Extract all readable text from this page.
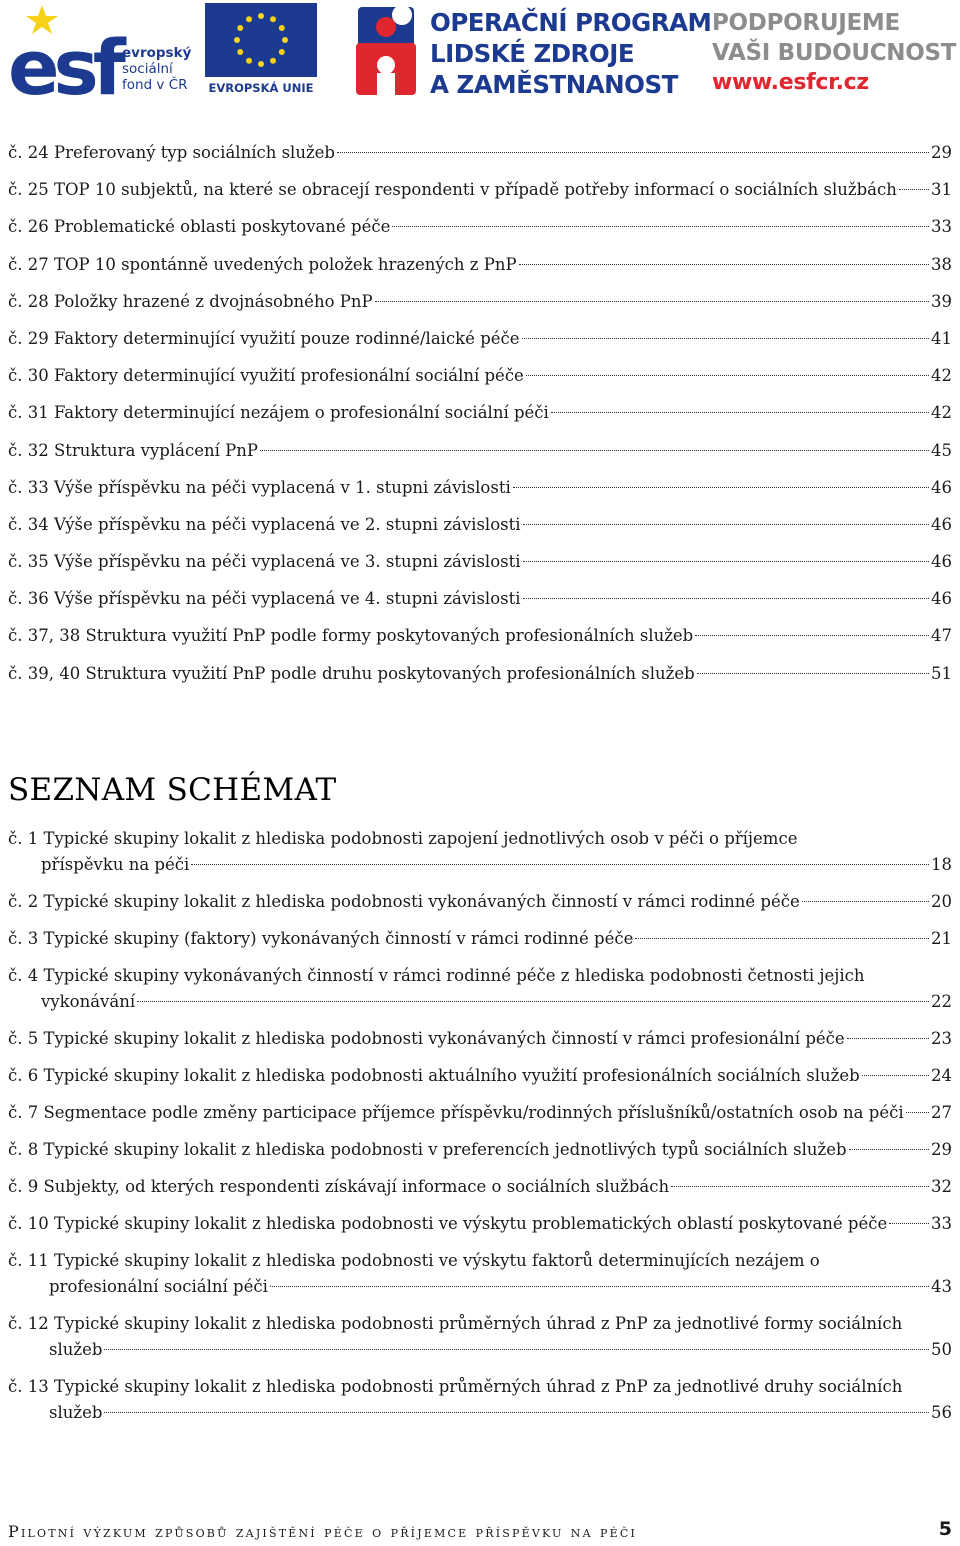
esf evropský
sociální
fond v ČR	EVROPSKÁ UNIE
OPERAČNÍ PROGRAM
LIDSKÉ ZDROJE
A ZAMĚSTNANOST
PODPORUJEME
VAŠI BUDOUCNOST
www.esfcr.cz
č. 24 Preferovaný typ sociálních služeb	29
č. 25 TOP 10 subjektů, na které se obracejí respondenti v případě potřeby informací o sociálních službách 31
č. 26 Problematické oblasti poskytované péče	33
č. 27 TOP 10 spontánně uvedených položek hrazených z PnP	38
č. 28 Položky hrazené z dvojnásobného PnP	39
č. 29 Faktory determinující využití pouze rodinné/laické péče	41
č. 30 Faktory determinující využití profesionální sociální péče	42
č. 31 Faktory determinující nezájem o profesionální sociální péči	42
č. 32 Struktura vyplácení PnP	45
č. 33 Výše příspěvku na péči vyplacená v 1. stupni závislosti	46
č. 34 Výše příspěvku na péči vyplacená ve 2. stupni závislosti	46
č. 35 Výše příspěvku na péči vyplacená ve 3. stupni závislosti	46
č. 36 Výše příspěvku na péči vyplacená ve 4. stupni závislosti	46
č. 37, 38 Struktura využití PnP podle formy poskytovaných profesionálních služeb	47
č. 39, 40 Struktura využití PnP podle druhu poskytovaných profesionálních služeb	51
SEZNAM SCHÉMAT
č. 1 Typické skupiny lokalit z hlediska podobnosti zapojení jednotlivých osob v péči o příjemce
příspěvku na péči	18
č. 2 Typické skupiny lokalit z hlediska podobnosti vykonávaných činností v rámci rodinné péče	20
č. 3 Typické skupiny (faktory) vykonávaných činností v rámci rodinné péče	21
č. 4 Typické skupiny vykonávaných činností v rámci rodinné péče z hlediska podobnosti četnosti jejich
vykonávání	22
č. 5 Typické skupiny lokalit z hlediska podobnosti vykonávaných činností v rámci profesionální péče	23
č. 6 Typické skupiny lokalit z hlediska podobnosti aktuálního využití profesionálních sociálních služeb	24
č. 7 Segmentace podle změny participace příjemce příspěvku/rodinných příslušníků/ostatních osob na péči 27
č. 8 Typické skupiny lokalit z hlediska podobnosti v preferencích jednotlivých typů sociálních služeb	29
č. 9 Subjekty, od kterých respondenti získávají informace o sociálních službách	32
č. 10 Typické skupiny lokalit z hlediska podobnosti ve výskytu problematických oblastí poskytované péče	33
č. 11 Typické skupiny lokalit z hlediska podobnosti ve výskytu faktorů determinujících nezájem o
profesionální sociální péči	43
č. 12 Typické skupiny lokalit z hlediska podobnosti průměrných úhrad z PnP za jednotlivé formy sociálních
služeb	50
č. 13 Typické skupiny lokalit z hlediska podobnosti průměrných úhrad z PnP za jednotlivé druhy sociálních
služeb	56
Pilotní výzkum způsobů zajištění péče o příjemce příspěvku na péči	5
